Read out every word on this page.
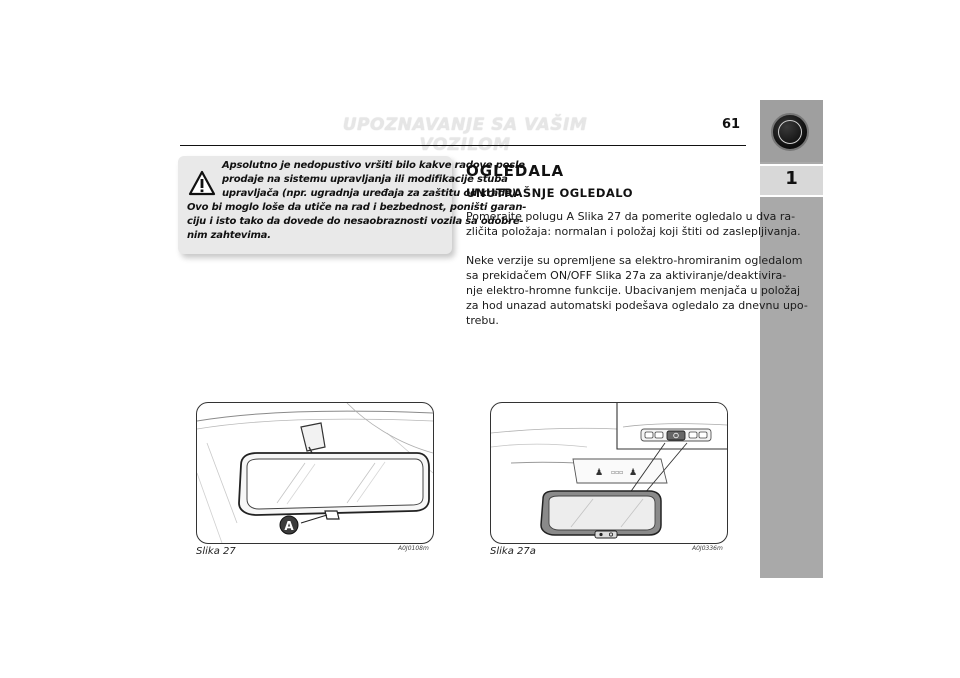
UPOZNAVANJE SA VAŠIM VOZILOM
61
1
Apsolutno je nedopustivo vršiti bilo kakve radove posle
prodaje na sistemu upravljanja ili modifikacije stuba
upravljača (npr. ugradnja uređaja za zaštitu od krađe).
Ovo bi moglo loše da utiče na rad i bezbednost, poništi garan-
ciju i isto tako da dovede do nesaobraznosti vozila sa odobre-
nim zahtevima.
OGLEDALA
UNUTRAŠNJE OGLEDALO
Pomerajte polugu A Slika 27 da pomerite ogledalo u dva ra-
zličita položaja: normalan i položaj koji štiti od zaslepljivanja.
Neke verzije su opremljene sa elektro-hromiranim ogledalom
sa prekidačem ON/OFF Slika 27a za aktiviranje/deaktivira-
nje elektro-hromne funkcije. Ubacivanjem menjača u položaj
za hod unazad automatski podešava ogledalo za dnevnu upo-
trebu.
A
Slika 27	A0J0108m
♟ ▫▫▫ ♟
Slika 27a	A0J0336m
